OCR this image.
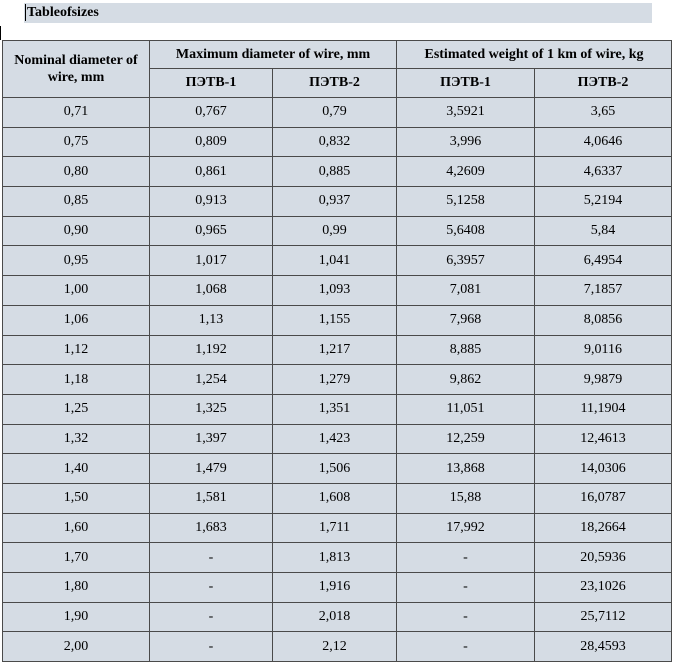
Tableofsizes
Nominal diameter of wire, mm	Maximum diameter of wire, mm		Estimated weight of 1 km of wire, kg	
	ПЭТВ-1	ПЭТВ-2	ПЭТВ-1	ПЭТВ-2
0,71	0,767	0,79	3,5921	3,65
0,75	0,809	0,832	3,996	4,0646
0,80	0,861	0,885	4,2609	4,6337
0,85	0,913	0,937	5,1258	5,2194
0,90	0,965	0,99	5,6408	5,84
0,95	1,017	1,041	6,3957	6,4954
1,00	1,068	1,093	7,081	7,1857
1,06	1,13	1,155	7,968	8,0856
1,12	1,192	1,217	8,885	9,0116
1,18	1,254	1,279	9,862	9,9879
1,25	1,325	1,351	11,051	11,1904
1,32	1,397	1,423	12,259	12,4613
1,40	1,479	1,506	13,868	14,0306
1,50	1,581	1,608	15,88	16,0787
1,60	1,683	1,711	17,992	18,2664
1,70	-	1,813	-	20,5936
1,80	-	1,916	-	23,1026
1,90	-	2,018	-	25,7112
2,00	-	2,12	-	28,4593
